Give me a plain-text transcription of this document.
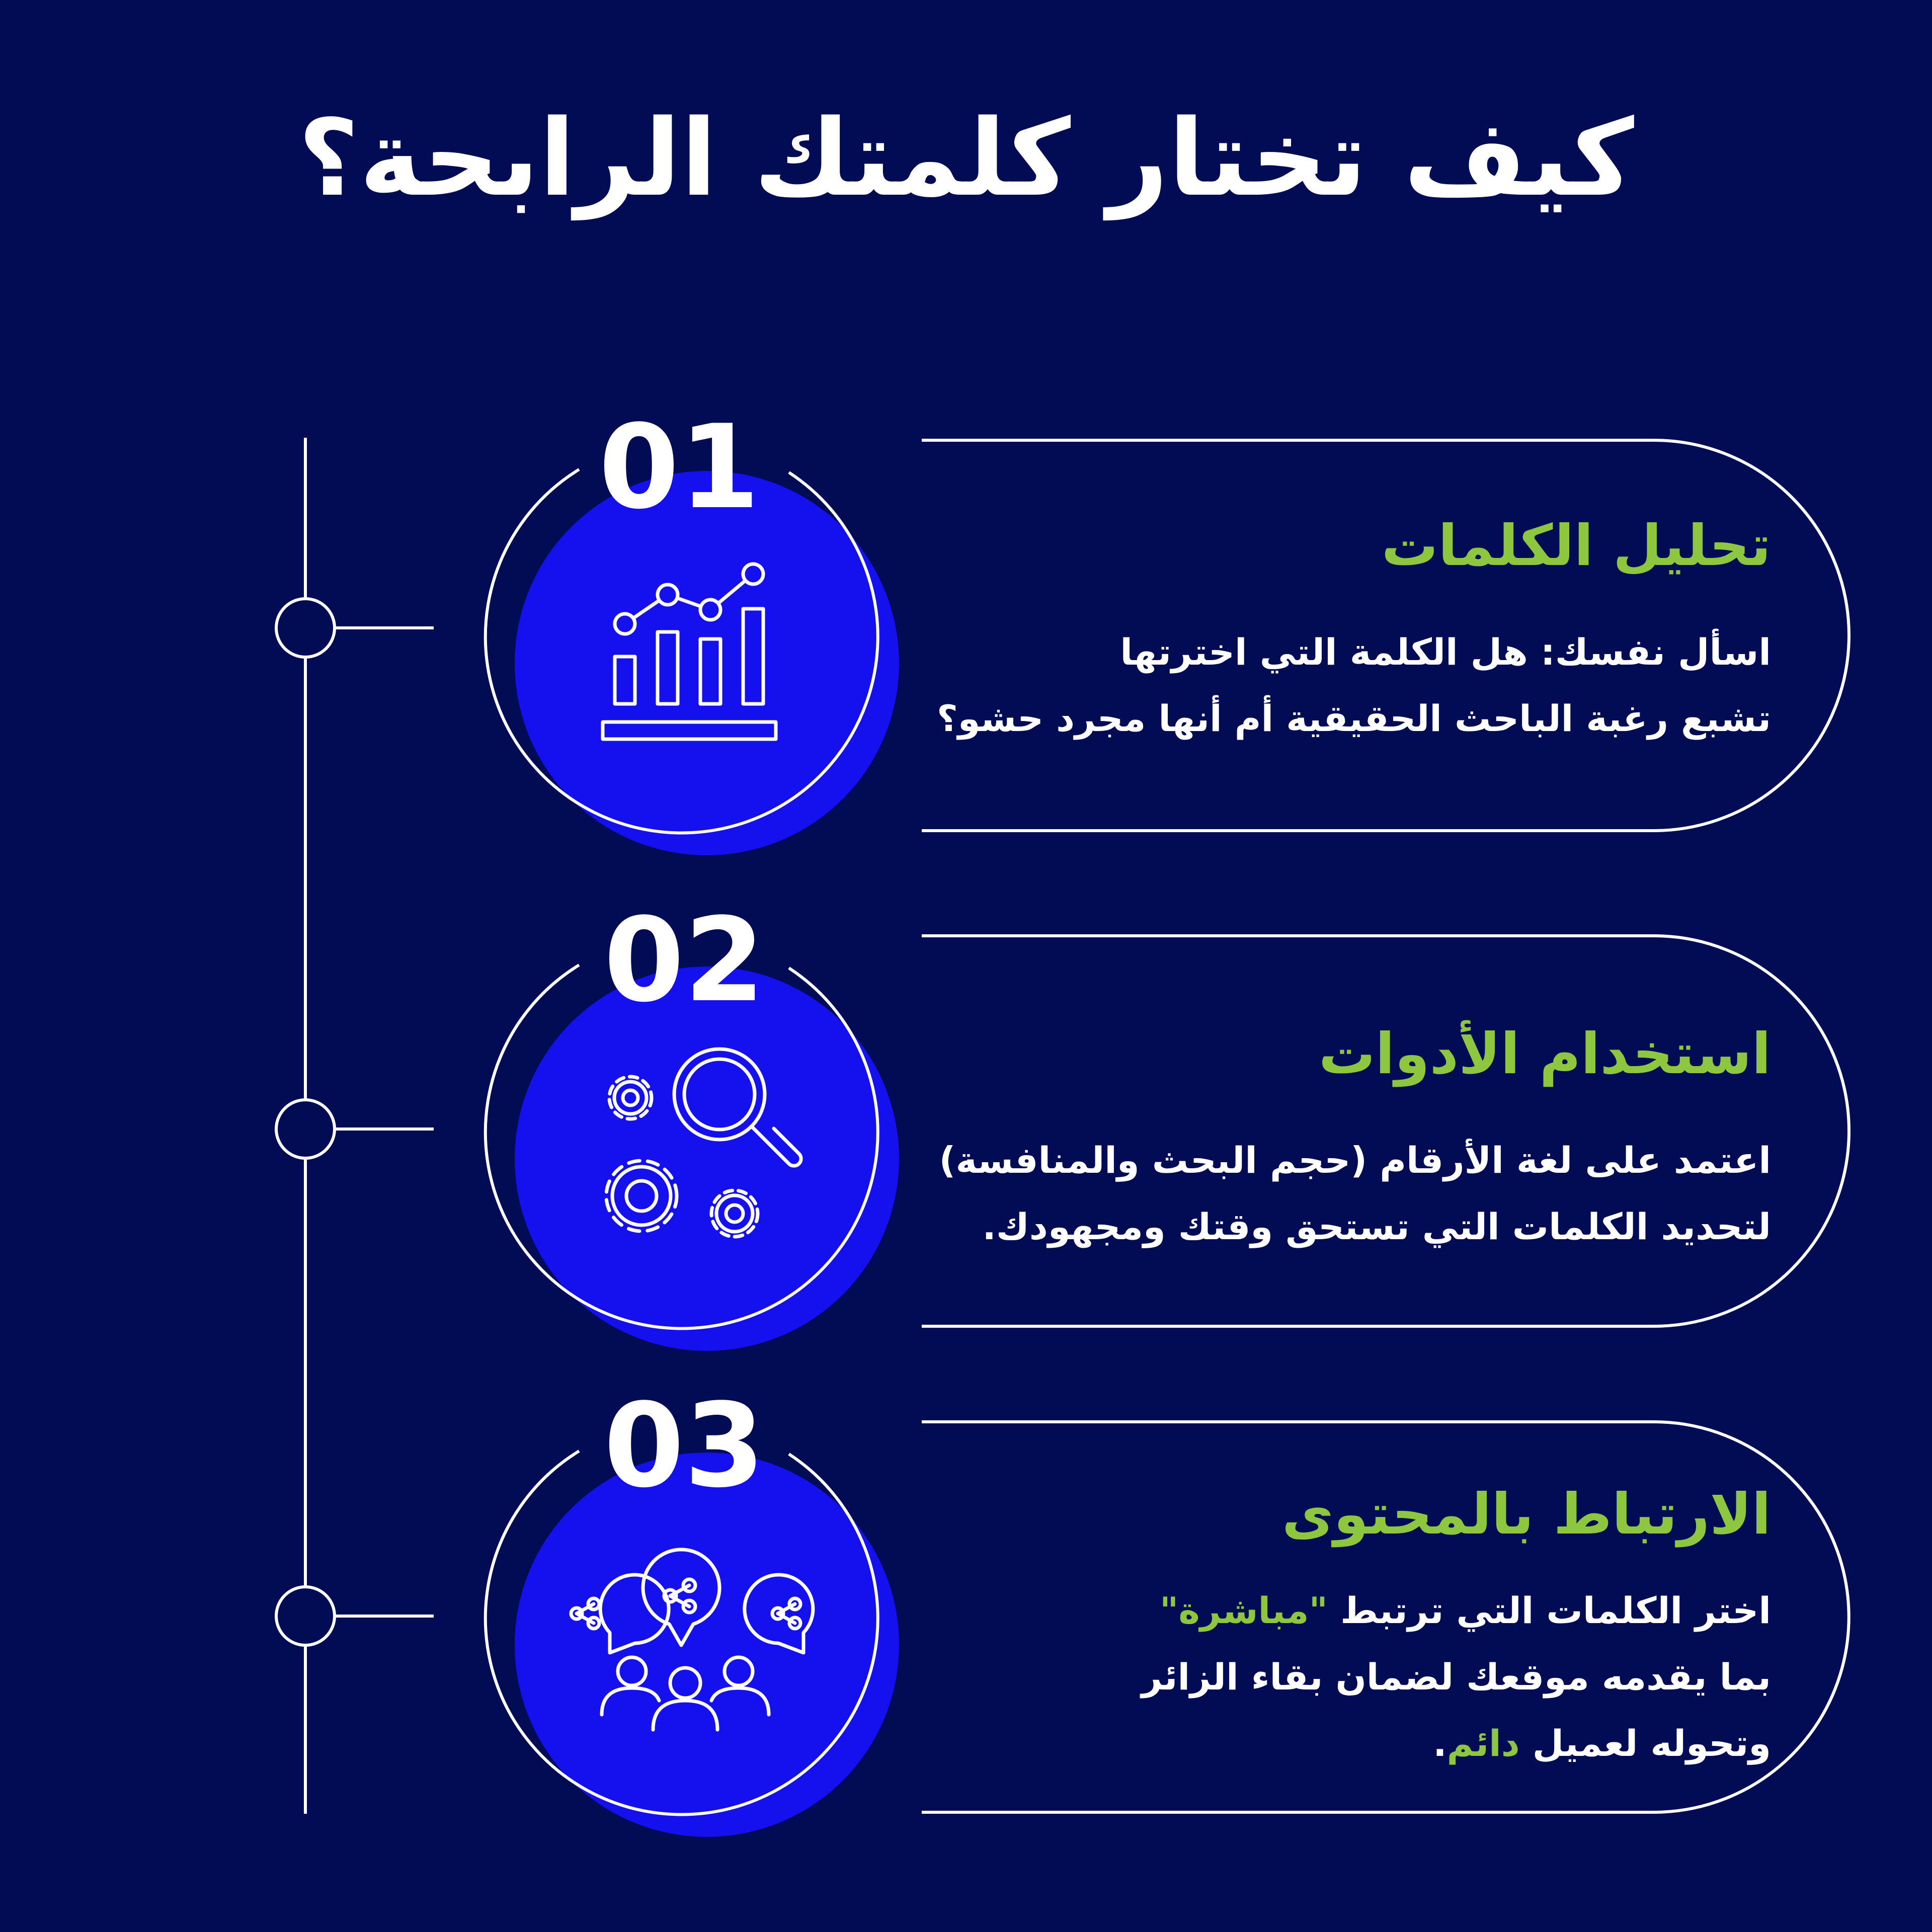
كيف تختار كلمتك الرابحة؟
01
تحليل الكلمات

اسأل نفسك: هل الكلمة التي اخترتها

تشبع رغبة الباحث الحقيقية أم أنها مجرد حشو؟

02
استخدام الأدوات

اعتمد على لغة الأرقام (حجم البحث والمنافسة)

لتحديد الكلمات التي تستحق وقتك ومجهودك.

03
الارتباط بالمحتوى

اختر الكلمات التي ترتبط "مباشرة"

بما يقدمه موقعك لضمان بقاء الزائر

وتحوله لعميل دائم.
